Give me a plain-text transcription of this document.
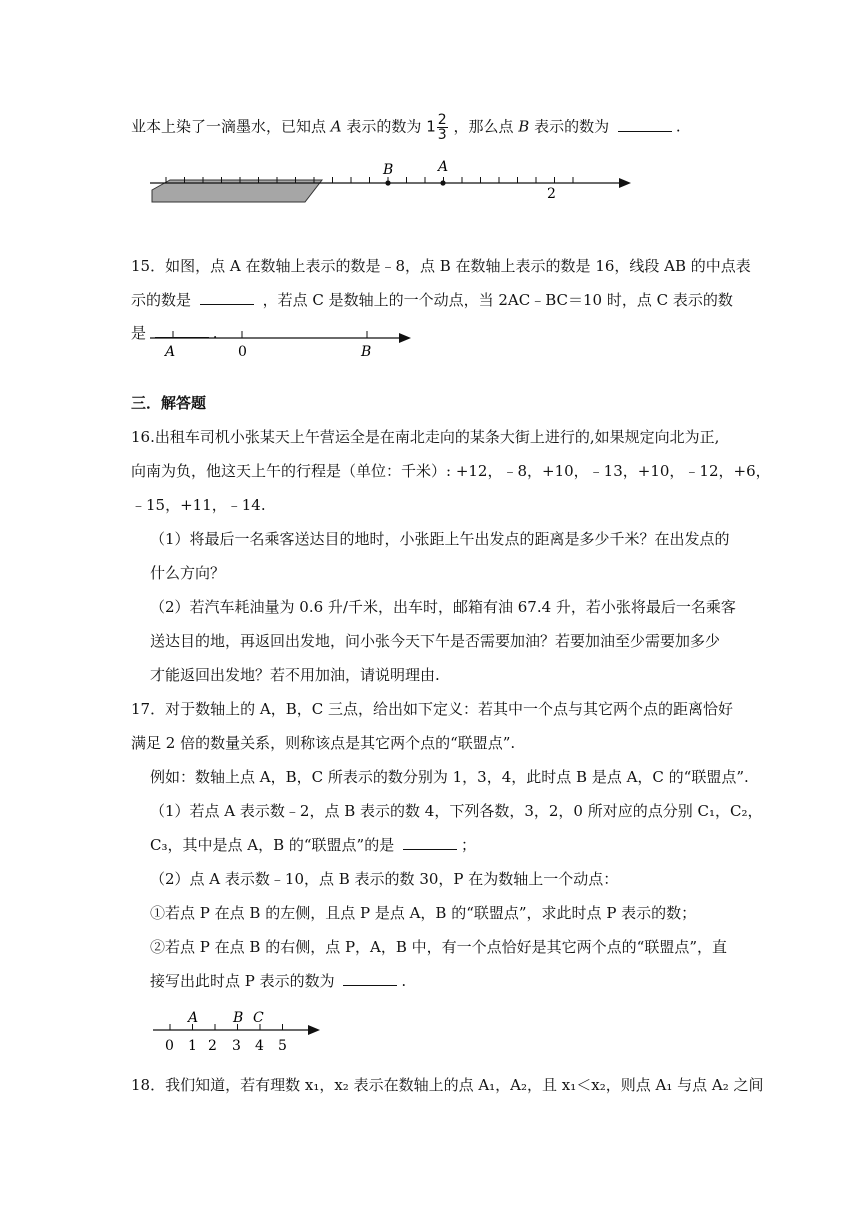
业本上染了一滴墨水，已知点 A 表示的数为 $1 \frac{2}{3}$ ，那么点 B 表示的数为	.
B	A
2
15．如图，点 A 在数轴上表示的数是﹣8，点 B 在数轴上表示的数是 16，线段 AB 的中点表
示的数是	，若点 C 是数轴上的一个动点，当 2AC﹣BC＝10 时，点 C 表示的数
是	.
A	0	B
三．解答题
16.出租车司机小张某天上午营运全是在南北走向的某条大街上进行的,如果规定向北为正,
向南为负，他这天上午的行程是（单位：千米）: +12，﹣8，+10，﹣13，+10，﹣12，+6，
﹣15，+11，﹣14.
（1）将最后一名乘客送达目的地时，小张距上午出发点的距离是多少千米？在出发点的
什么方向？
（2）若汽车耗油量为 0.6 升/千米，出车时，邮箱有油 67.4 升，若小张将最后一名乘客
送达目的地，再返回出发地，问小张今天下午是否需要加油？若要加油至少需要加多少
才能返回出发地？若不用加油，请说明理由.
17．对于数轴上的 A，B，C 三点，给出如下定义：若其中一个点与其它两个点的距离恰好
满足 2 倍的数量关系，则称该点是其它两个点的“联盟点”.
例如：数轴上点 A，B，C 所表示的数分别为 1，3，4，此时点 B 是点 A，C 的“联盟点”.
（1）若点 A 表示数﹣2，点 B 表示的数 4，下列各数，3，2，0 所对应的点分别 C₁，C₂，
C₃，其中是点 A，B 的“联盟点”的是	；
（2）点 A 表示数﹣10，点 B 表示的数 30，P 在为数轴上一个动点：
①若点 P 在点 B 的左侧，且点 P 是点 A，B 的“联盟点”，求此时点 P 表示的数；
②若点 P 在点 B 的右侧，点 P，A，B 中，有一个点恰好是其它两个点的“联盟点”，直
接写出此时点 P 表示的数为	.
A B C
0 1 2 3 4 5
18．我们知道，若有理数 x₁，x₂ 表示在数轴上的点 A₁，A₂，且 x₁＜x₂，则点 A₁ 与点 A₂ 之间
